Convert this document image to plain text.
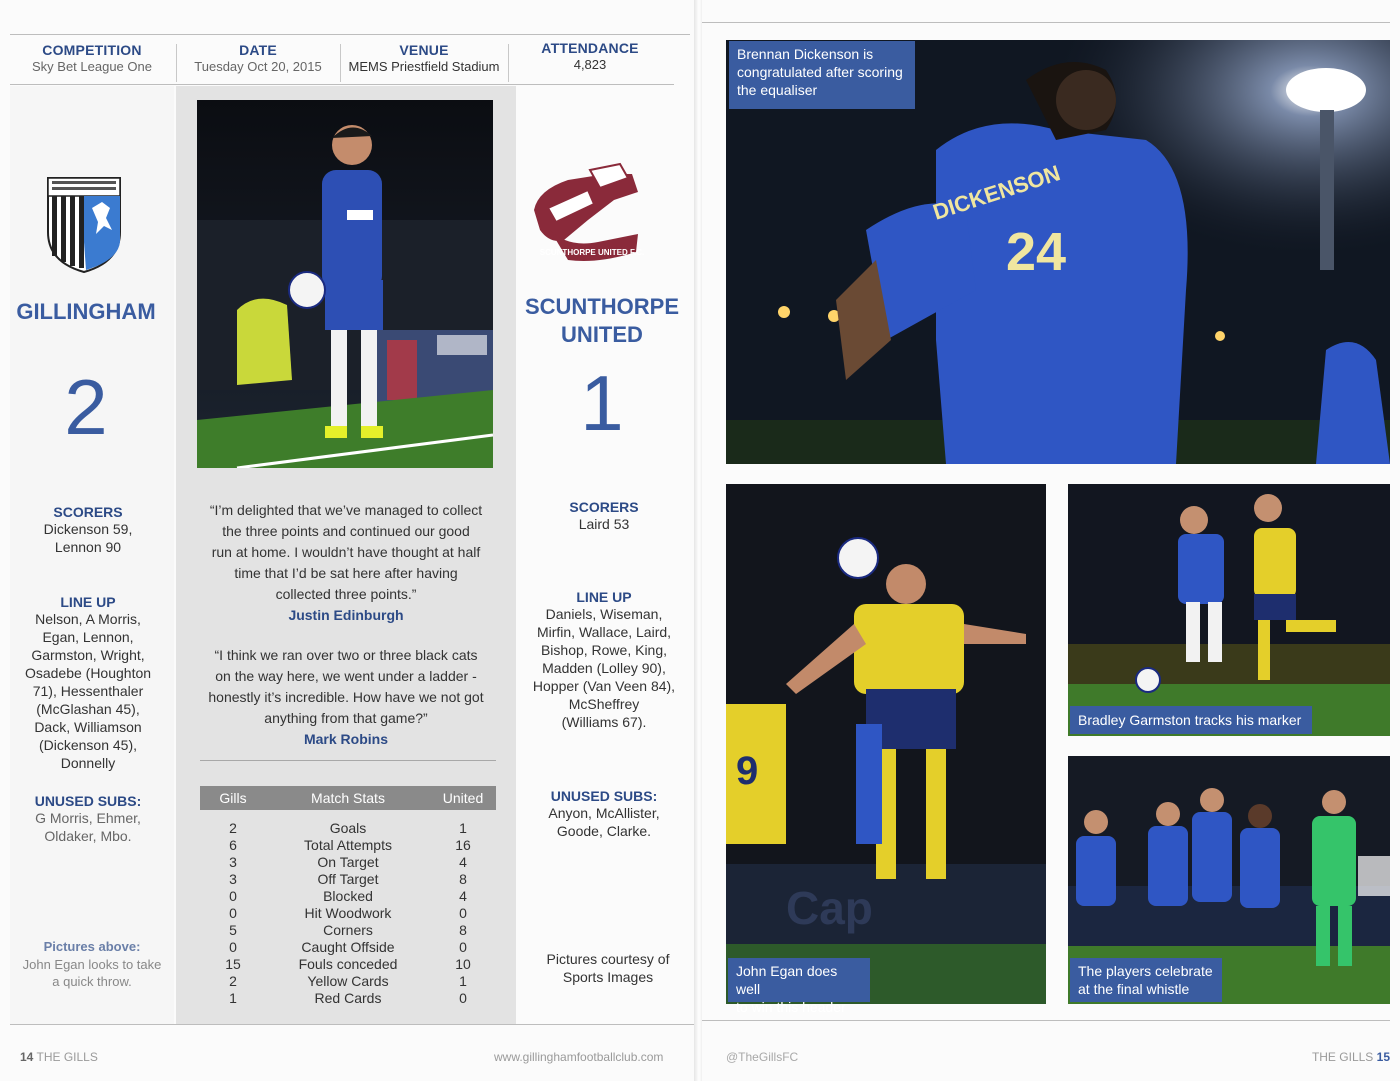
COMPETITION
Sky Bet League One
DATE
Tuesday Oct 20, 2015
VENUE
MEMS Priestfield Stadium
ATTENDANCE
4,823
GILLINGHAM
2
SCORERS
Dickenson 59,
Lennon 90
LINE UP
Nelson, A Morris,
Egan, Lennon,
Garmston, Wright,
Osadebe (Houghton
71), Hessenthaler
(McGlashan 45),
Dack, Williamson
(Dickenson 45),
Donnelly
UNUSED SUBS:
G Morris, Ehmer,
Oldaker, Mbo.
Pictures above:
John Egan looks to take
a quick throw.
“I’m delighted that we’ve managed to collect
the three points and continued our good
run at home. I wouldn’t have thought at half
time that I’d be sat here after having
collected three points.”
Justin Edinburgh
“I think we ran over two or three black cats
on the way here, we went under a ladder -
honestly it’s incredible. How have we not got
anything from that game?”
Mark Robins
Gills	Match Stats	United
2	Goals	1
6	Total Attempts	16
3	On Target	4
3	Off Target	8
0	Blocked	4
0	Hit Woodwork	0
5	Corners	8
0	Caught Offside	0
15	Fouls conceded	10
2	Yellow Cards	1
1	Red Cards	0
SCUNTHORPE UNITED F.C.
SCUNTHORPE
UNITED
1
SCORERS
Laird 53
LINE UP
Daniels, Wiseman,
Mirfin, Wallace, Laird,
Bishop, Rowe, King,
Madden (Lolley 90),
Hopper (Van Veen 84),
McSheffrey
(Williams 67).
UNUSED SUBS:
Anyon, McAllister,
Goode, Clarke.
Pictures courtesy of
Sports Images
14 THE GILLS	www.gillinghamfootballclub.com
24
DICKENSON
Brennan Dickenson is
congratulated after scoring
the equaliser
Cap
9
John Egan does well
to win this header
Bradley Garmston tracks his marker
The players celebrate
at the final whistle
@TheGillsFC	THE GILLS 15
